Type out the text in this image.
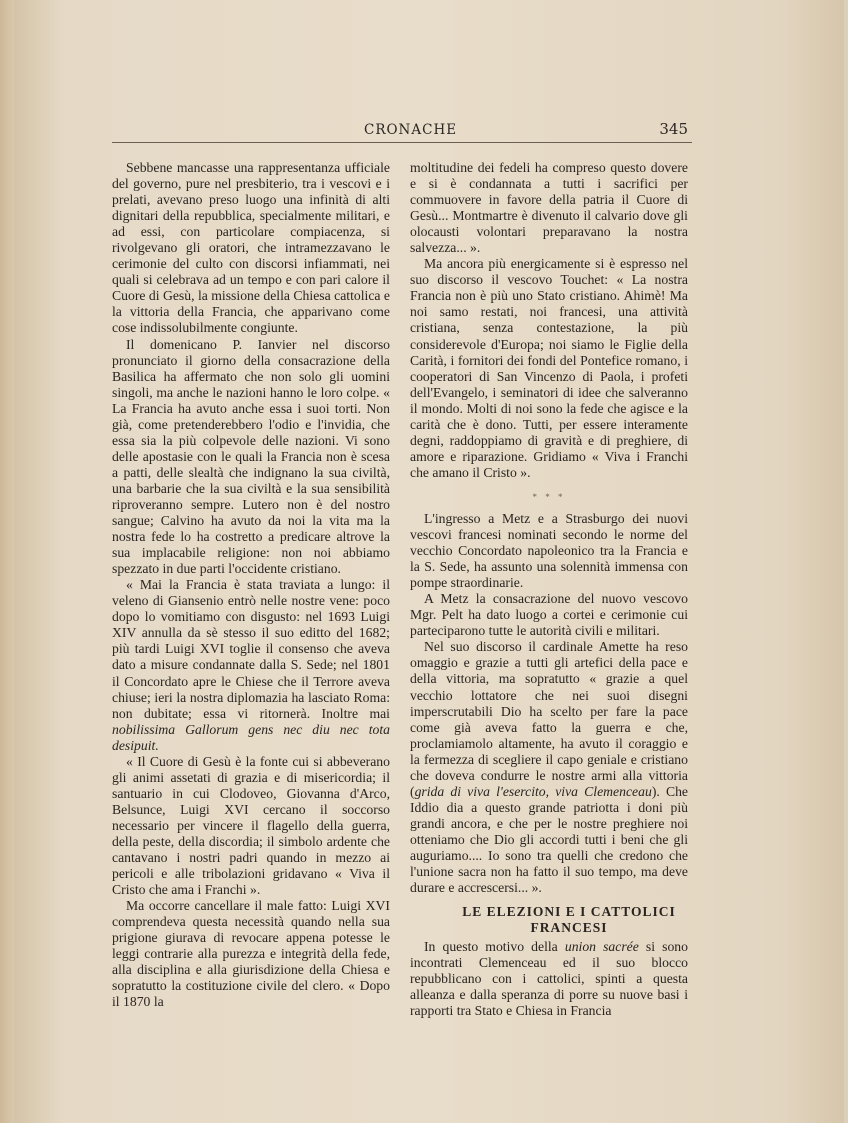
CRONACHE	345

Sebbene mancasse una rappresentanza ufficiale del governo, pure nel presbiterio, tra i vescovi e i prelati, avevano preso luogo una infinità di alti dignitari della repubblica, specialmente militari, e ad essi, con particolare compiacenza, si rivolgevano gli oratori, che intramezzavano le cerimonie del culto con discorsi infiammati, nei quali si celebrava ad un tempo e con pari calore il Cuore di Gesù, la missione della Chiesa cattolica e la vittoria della Francia, che apparivano come cose indissolubilmente congiunte.

Il domenicano P. Ianvier nel discorso pronunciato il giorno della consacrazione della Basilica ha affermato che non solo gli uomini singoli, ma anche le nazioni hanno le loro colpe. « La Francia ha avuto anche essa i suoi torti. Non già, come pretenderebbero l'odio e l'invidia, che essa sia la più colpevole delle nazioni. Vi sono delle apostasie con le quali la Francia non è scesa a patti, delle slealtà che indignano la sua civiltà, una barbarie che la sua civiltà e la sua sensibilità riproveranno sempre. Lutero non è del nostro sangue; Calvino ha avuto da noi la vita ma la nostra fede lo ha costretto a predicare altrove la sua implacabile religione: non noi abbiamo spezzato in due parti l'occidente cristiano.

« Mai la Francia è stata traviata a lungo: il veleno di Giansenio entrò nelle nostre vene: poco dopo lo vomitiamo con disgusto: nel 1693 Luigi XIV annulla da sè stesso il suo editto del 1682; più tardi Luigi XVI toglie il consenso che aveva dato a misure condannate dalla S. Sede; nel 1801 il Concordato apre le Chiese che il Terrore aveva chiuse; ieri la nostra diplomazia ha lasciato Roma: non dubitate; essa vi ritornerà. Inoltre mai nobilissima Gallorum gens nec diu nec tota desipuit.

« Il Cuore di Gesù è la fonte cui si abbeverano gli animi assetati di grazia e di misericordia; il santuario in cui Clodoveo, Giovanna d'Arco, Belsunce, Luigi XVI cercano il soccorso necessario per vincere il flagello della guerra, della peste, della discordia; il simbolo ardente che cantavano i nostri padri quando in mezzo ai pericoli e alle tribolazioni gridavano « Viva il Cristo che ama i Franchi ».

Ma occorre cancellare il male fatto: Luigi XVI comprendeva questa necessità quando nella sua prigione giurava di revocare appena potesse le leggi contrarie alla purezza e integrità della fede, alla disciplina e alla giurisdizione della Chiesa e sopratutto la costituzione civile del clero. « Dopo il 1870 la

moltitudine dei fedeli ha compreso questo dovere e si è condannata a tutti i sacrifici per commuovere in favore della patria il Cuore di Gesù... Montmartre è divenuto il calvario dove gli olocausti volontari preparavano la nostra salvezza... ».

Ma ancora più energicamente si è espresso nel suo discorso il vescovo Touchet: « La nostra Francia non è più uno Stato cristiano. Ahimè! Ma noi samo restati, noi francesi, una attività cristiana, senza contestazione, la più considerevole d'Europa; noi siamo le Figlie della Carità, i fornitori dei fondi del Pontefice romano, i cooperatori di San Vincenzo di Paola, i profeti dell'Evangelo, i seminatori di idee che salveranno il mondo. Molti di noi sono la fede che agisce e la carità che è dono. Tutti, per essere interamente degni, raddoppiamo di gravità e di preghiere, di amore e riparazione. Gridiamo « Viva i Franchi che amano il Cristo ».

* * *

L'ingresso a Metz e a Strasburgo dei nuovi vescovi francesi nominati secondo le norme del vecchio Concordato napoleonico tra la Francia e la S. Sede, ha assunto una solennità immensa con pompe straordinarie.

A Metz la consacrazione del nuovo vescovo Mgr. Pelt ha dato luogo a cortei e cerimonie cui parteciparono tutte le autorità civili e militari.

Nel suo discorso il cardinale Amette ha reso omaggio e grazie a tutti gli artefici della pace e della vittoria, ma sopratutto « grazie a quel vecchio lottatore che nei suoi disegni imperscrutabili Dio ha scelto per fare la pace come già aveva fatto la guerra e che, proclamiamolo altamente, ha avuto il coraggio e la fermezza di scegliere il capo geniale e cristiano che doveva condurre le nostre armi alla vittoria (grida di viva l'esercito, viva Clemenceau). Che Iddio dia a questo grande patriotta i doni più grandi ancora, e che per le nostre preghiere noi otteniamo che Dio gli accordi tutti i beni che gli auguriamo.... Io sono tra quelli che credono che l'unione sacra non ha fatto il suo tempo, ma deve durare e accrescersi... ».

LE ELEZIONI E I CATTOLICI FRANCESI

In questo motivo della union sacrée si sono incontrati Clemenceau ed il suo blocco repubblicano con i cattolici, spinti a questa alleanza e dalla speranza di porre su nuove basi i rapporti tra Stato e Chiesa in Francia
